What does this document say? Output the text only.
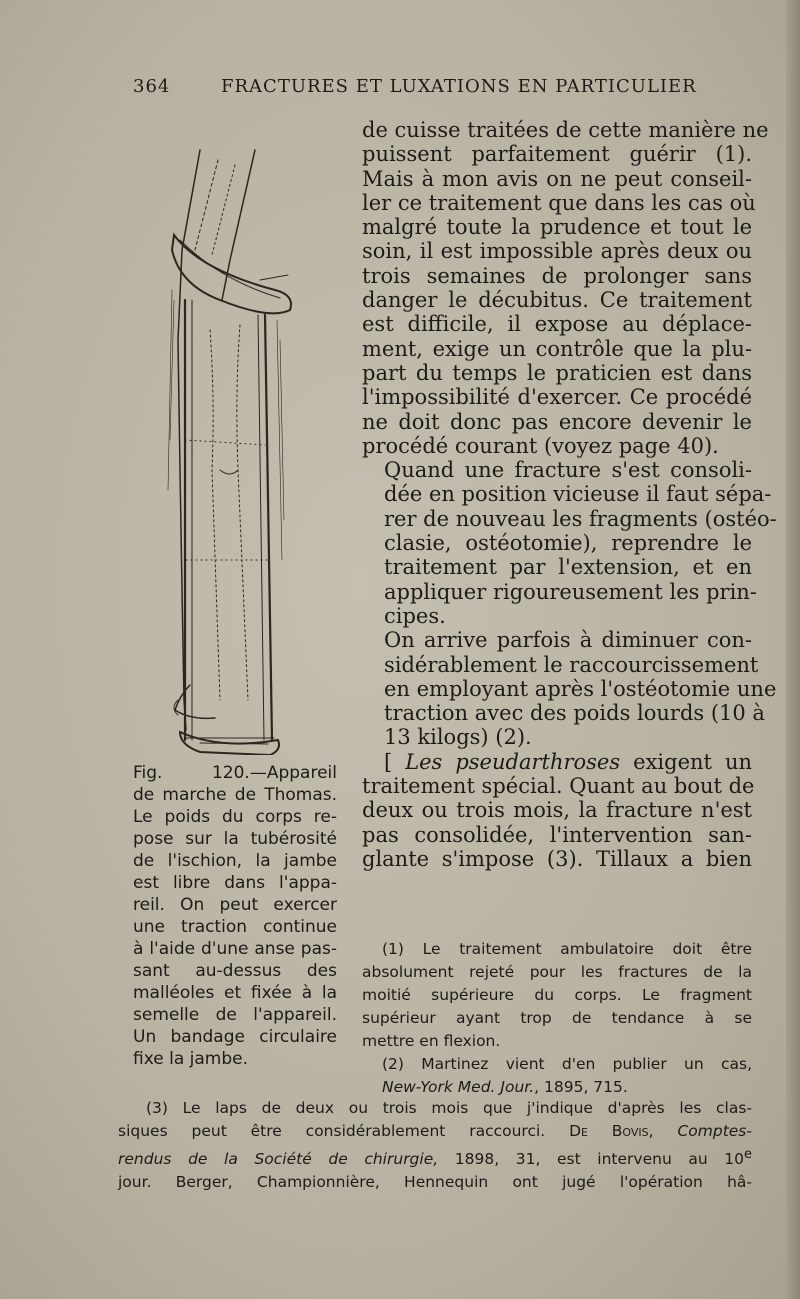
364	FRACTURES ET LUXATIONS EN PARTICULIER

de cuisse traitées de cette manière ne
puissent parfaitement guérir (1).
Mais à mon avis on ne peut conseil-
ler ce traitement que dans les cas où
malgré toute la prudence et tout le
soin, il est impossible après deux ou
trois semaines de prolonger sans
danger le décubitus. Ce traitement
est difficile, il expose au déplace-
ment, exige un contrôle que la plu-
part du temps le praticien est dans
l'impossibilité d'exercer. Ce procédé
ne doit donc pas encore devenir le
procédé courant (voyez page 40).

Quand une fracture s'est consoli-
dée en position vicieuse il faut sépa-
rer de nouveau les fragments (ostéo-
clasie, ostéotomie), reprendre le
traitement par l'extension, et en
appliquer rigoureusement les prin-
cipes.

On arrive parfois à diminuer con-
sidérablement le raccourcissement
en employant après l'ostéotomie une
traction avec des poids lourds (10 à
13 kilogs) (2).

[ Les pseudarthroses exigent un
traitement spécial. Quant au bout de
deux ou trois mois, la fracture n'est
pas consolidée, l'intervention san-
glante s'impose (3). Tillaux a bien

Fig. 120.—Appareil
de marche de Thomas.
Le poids du corps re-
pose sur la tubérosité
de l'ischion, la jambe
est libre dans l'appa-
reil. On peut exercer
une traction continue
à l'aide d'une anse pas-
sant au-dessus des
malléoles et fixée à la
semelle de l'appareil.
Un bandage circulaire
fixe la jambe.
(1) Le traitement ambulatoire doit être
absolument rejeté pour les fractures de la
moitié supérieure du corps. Le fragment
supérieur ayant trop de tendance à se
mettre en flexion.
(2) Martinez vient d'en publier un cas,
New-York Med. Jour., 1895, 715.
(3) Le laps de deux ou trois mois que j'indique d'après les clas-
siques peut être considérablement raccourci. De Bovis, Comptes-
rendus de la Société de chirurgie, 1898, 31, est intervenu au 10e
jour. Berger, Championnière, Hennequin ont jugé l'opération hâ-
